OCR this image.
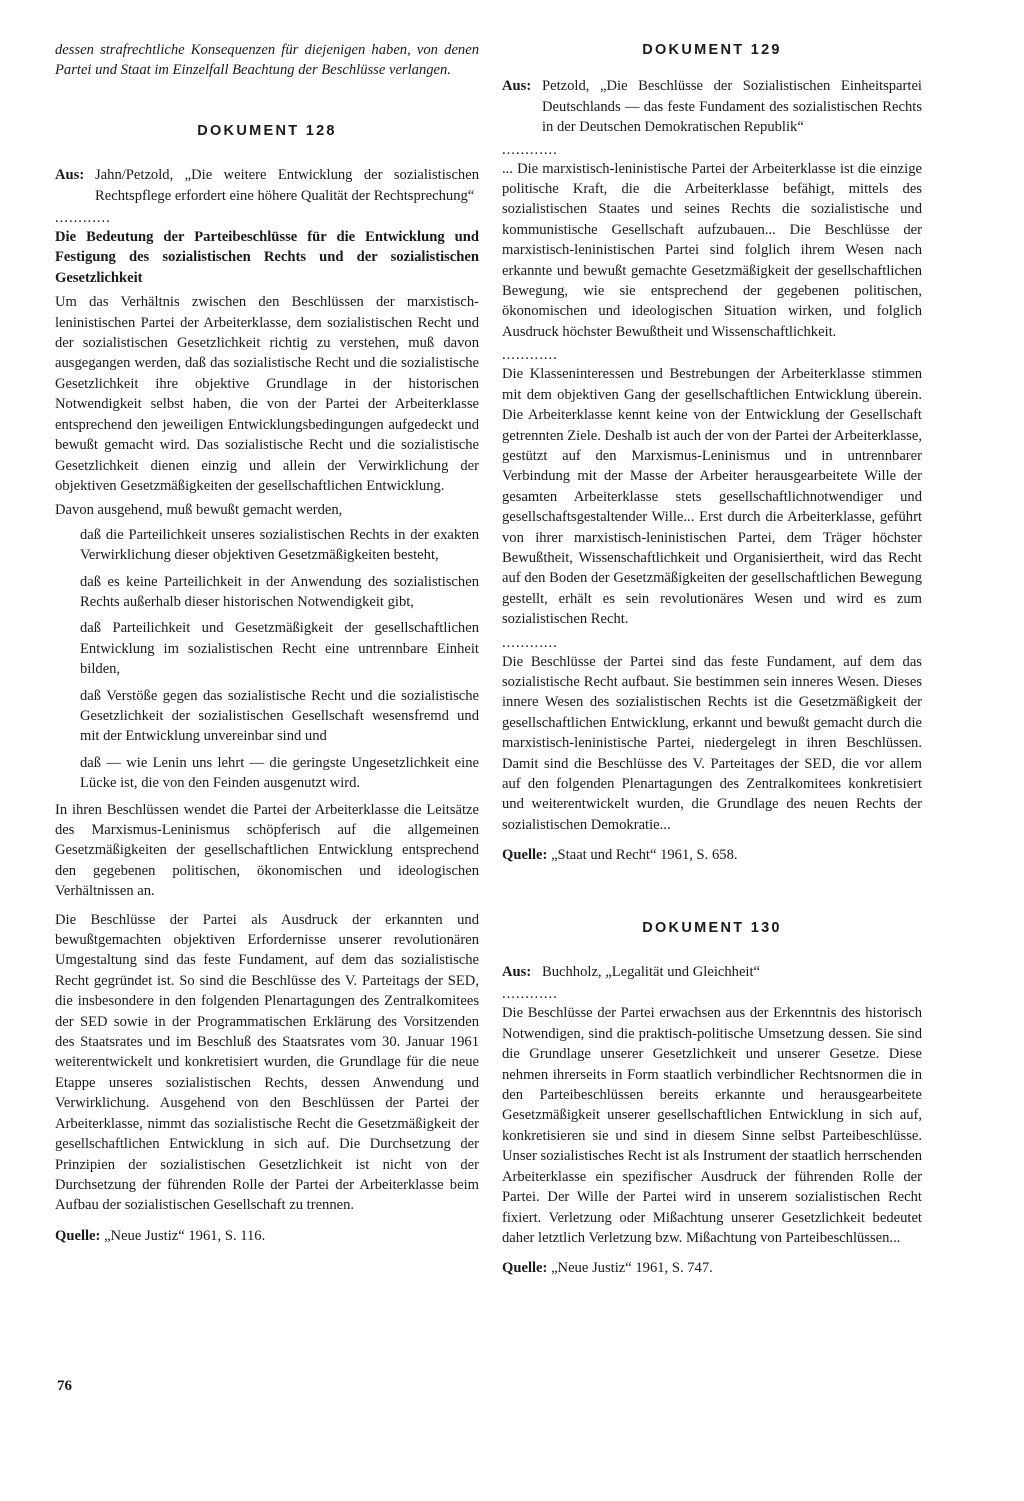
dessen strafrechtliche Konsequenzen für diejenigen haben, von denen Partei und Staat im Einzelfall Beachtung der Beschlüsse verlangen.

DOKUMENT 128
Aus: Jahn/Petzold, „Die weitere Entwicklung der sozialistischen Rechtspflege erfordert eine höhere Qualität der Rechtsprechung“

............

Die Bedeutung der Parteibeschlüsse für die Entwicklung und Festigung des sozialistischen Rechts und der sozialistischen Gesetzlichkeit

Um das Verhältnis zwischen den Beschlüssen der marxistisch-leninistischen Partei der Arbeiterklasse, dem sozialistischen Recht und der sozialistischen Gesetzlichkeit richtig zu verstehen, muß davon ausgegangen werden, daß das sozialistische Recht und die sozialistische Gesetzlichkeit ihre objektive Grundlage in der historischen Notwendigkeit selbst haben, die von der Partei der Arbeiterklasse entsprechend den jeweiligen Entwicklungsbedingungen aufgedeckt und bewußt gemacht wird. Das sozialistische Recht und die sozialistische Gesetzlichkeit dienen einzig und allein der Verwirklichung der objektiven Gesetzmäßigkeiten der gesellschaftlichen Entwicklung.

Davon ausgehend, muß bewußt gemacht werden,

daß die Parteilichkeit unseres sozialistischen Rechts in der exakten Verwirklichung dieser objektiven Gesetzmäßigkeiten besteht,

daß es keine Parteilichkeit in der Anwendung des sozialistischen Rechts außerhalb dieser historischen Notwendigkeit gibt,

daß Parteilichkeit und Gesetzmäßigkeit der gesellschaftlichen Entwicklung im sozialistischen Recht eine untrennbare Einheit bilden,

daß Verstöße gegen das sozialistische Recht und die sozialistische Gesetzlichkeit der sozialistischen Gesellschaft wesensfremd und mit der Entwicklung unvereinbar sind und

daß — wie Lenin uns lehrt — die geringste Ungesetzlichkeit eine Lücke ist, die von den Feinden ausgenutzt wird.

In ihren Beschlüssen wendet die Partei der Arbeiterklasse die Leitsätze des Marxismus-Leninismus schöpferisch auf die allgemeinen Gesetzmäßigkeiten der gesellschaftlichen Entwicklung entsprechend den gegebenen politischen, ökonomischen und ideologischen Verhältnissen an.

Die Beschlüsse der Partei als Ausdruck der erkannten und bewußtgemachten objektiven Erfordernisse unserer revolutionären Umgestaltung sind das feste Fundament, auf dem das sozialistische Recht gegründet ist. So sind die Beschlüsse des V. Parteitags der SED, die insbesondere in den folgenden Plenartagungen des Zentralkomitees der SED sowie in der Programmatischen Erklärung des Vorsitzenden des Staatsrates und im Beschluß des Staatsrates vom 30. Januar 1961 weiterentwickelt und konkretisiert wurden, die Grundlage für die neue Etappe unseres sozialistischen Rechts, dessen Anwendung und Verwirklichung. Ausgehend von den Beschlüssen der Partei der Arbeiterklasse, nimmt das sozialistische Recht die Gesetzmäßigkeit der gesellschaftlichen Entwicklung in sich auf. Die Durchsetzung der Prinzipien der sozialistischen Gesetzlichkeit ist nicht von der Durchsetzung der führenden Rolle der Partei der Arbeiterklasse beim Aufbau der sozialistischen Gesellschaft zu trennen.

Quelle: „Neue Justiz“ 1961, S. 116.

76
DOKUMENT 129
Aus: Petzold, „Die Beschlüsse der Sozialistischen Einheitspartei Deutschlands — das feste Fundament des sozialistischen Rechts in der Deutschen Demokratischen Republik“

............

... Die marxistisch-leninistische Partei der Arbeiterklasse ist die einzige politische Kraft, die die Arbeiterklasse befähigt, mittels des sozialistischen Staates und seines Rechts die sozialistische und kommunistische Gesellschaft aufzubauen... Die Beschlüsse der marxistisch-leninistischen Partei sind folglich ihrem Wesen nach erkannte und bewußt gemachte Gesetzmäßigkeit der gesellschaftlichen Bewegung, wie sie entsprechend der gegebenen politischen, ökonomischen und ideologischen Situation wirken, und folglich Ausdruck höchster Bewußtheit und Wissenschaftlichkeit.

............

Die Klasseninteressen und Bestrebungen der Arbeiterklasse stimmen mit dem objektiven Gang der gesellschaftlichen Entwicklung überein. Die Arbeiterklasse kennt keine von der Entwicklung der Gesellschaft getrennten Ziele. Deshalb ist auch der von der Partei der Arbeiterklasse, gestützt auf den Marxismus-Leninismus und in untrennbarer Verbindung mit der Masse der Arbeiter herausgearbeitete Wille der gesamten Arbeiterklasse stets gesellschaftlichnotwendiger und gesellschaftsgestaltender Wille... Erst durch die Arbeiterklasse, geführt von ihrer marxistisch-leninistischen Partei, dem Träger höchster Bewußtheit, Wissenschaftlichkeit und Organisiertheit, wird das Recht auf den Boden der Gesetzmäßigkeiten der gesellschaftlichen Bewegung gestellt, erhält es sein revolutionäres Wesen und wird es zum sozialistischen Recht.

............

Die Beschlüsse der Partei sind das feste Fundament, auf dem das sozialistische Recht aufbaut. Sie bestimmen sein inneres Wesen. Dieses innere Wesen des sozialistischen Rechts ist die Gesetzmäßigkeit der gesellschaftlichen Entwicklung, erkannt und bewußt gemacht durch die marxistisch-leninistische Partei, niedergelegt in ihren Beschlüssen. Damit sind die Beschlüsse des V. Parteitages der SED, die vor allem auf den folgenden Plenartagungen des Zentralkomitees konkretisiert und weiterentwickelt wurden, die Grundlage des neuen Rechts der sozialistischen Demokratie...

Quelle: „Staat und Recht“ 1961, S. 658.

DOKUMENT 130
Aus: Buchholz, „Legalität und Gleichheit“

............

Die Beschlüsse der Partei erwachsen aus der Erkenntnis des historisch Notwendigen, sind die praktisch-politische Umsetzung dessen. Sie sind die Grundlage unserer Gesetzlichkeit und unserer Gesetze. Diese nehmen ihrerseits in Form staatlich verbindlicher Rechtsnormen die in den Parteibeschlüssen bereits erkannte und herausgearbeitete Gesetzmäßigkeit unserer gesellschaftlichen Entwicklung in sich auf, konkretisieren sie und sind in diesem Sinne selbst Parteibeschlüsse. Unser sozialistisches Recht ist als Instrument der staatlich herrschenden Arbeiterklasse ein spezifischer Ausdruck der führenden Rolle der Partei. Der Wille der Partei wird in unserem sozialistischen Recht fixiert. Verletzung oder Mißachtung unserer Gesetzlichkeit bedeutet daher letztlich Verletzung bzw. Mißachtung von Parteibeschlüssen...

Quelle: „Neue Justiz“ 1961, S. 747.
